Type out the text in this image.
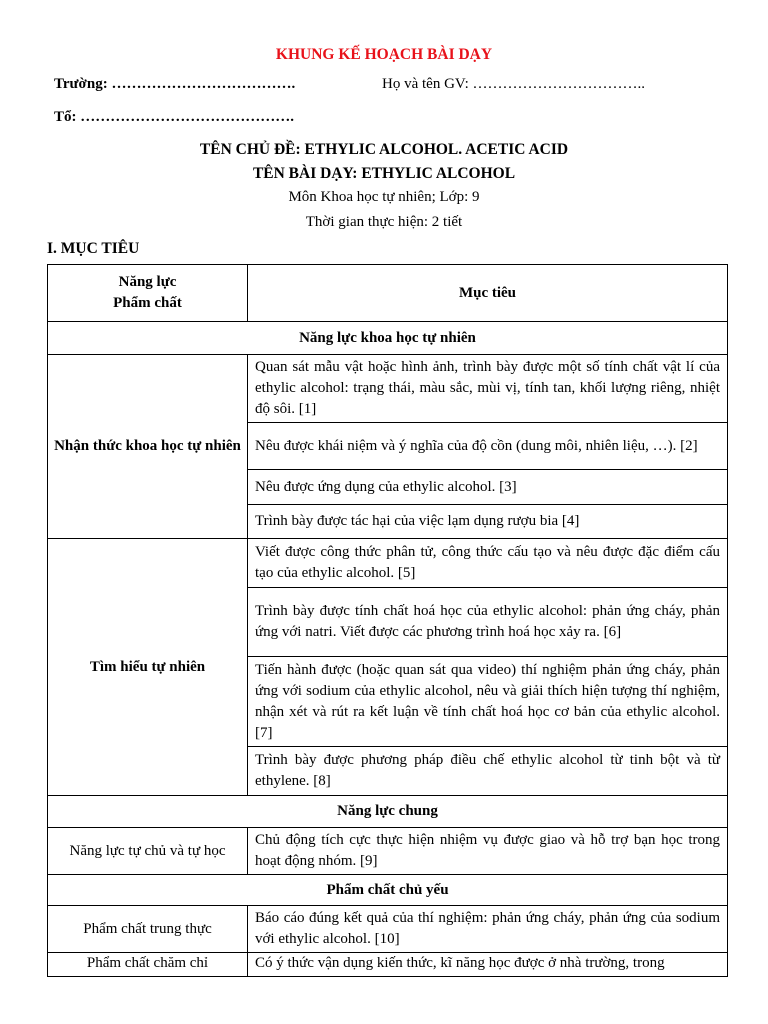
KHUNG KẾ HOẠCH BÀI DẠY
Trường: ……………………………….	Họ và tên GV: ……………………………..
Tổ: …………………………………….
TÊN CHỦ ĐỀ: ETHYLIC ALCOHOL. ACETIC ACID
TÊN BÀI DẠY: ETHYLIC ALCOHOL
Môn Khoa học tự nhiên; Lớp: 9
Thời gian thực hiện: 2 tiết
I. MỤC TIÊU
Năng lực
Phẩm chất	Mục tiêu
Năng lực khoa học tự nhiên	
Nhận thức khoa học tự nhiên	Quan sát mẫu vật hoặc hình ảnh, trình bày được một số tính chất vật lí của ethylic alcohol: trạng thái, màu sắc, mùi vị, tính tan, khối lượng riêng, nhiệt độ sôi. [1]
	Nêu được khái niệm và ý nghĩa của độ cồn (dung môi, nhiên liệu, …). [2]
	Nêu được ứng dụng của ethylic alcohol. [3]
	Trình bày được tác hại của việc lạm dụng rượu bia [4]
Tìm hiểu tự nhiên	Viết được công thức phân tử, công thức cấu tạo và nêu được đặc điểm cấu tạo của ethylic alcohol. [5]
	Trình bày được tính chất hoá học của ethylic alcohol: phản ứng cháy, phản ứng với natri. Viết được các phương trình hoá học xảy ra. [6]
	Tiến hành được (hoặc quan sát qua video) thí nghiệm phản ứng cháy, phản ứng với sodium của ethylic alcohol, nêu và giải thích hiện tượng thí nghiệm, nhận xét và rút ra kết luận về tính chất hoá học cơ bản của ethylic alcohol. [7]
	Trình bày được phương pháp điều chế ethylic alcohol từ tinh bột và từ ethylene. [8]
Năng lực chung	
Năng lực tự chủ và tự học	Chủ động tích cực thực hiện nhiệm vụ được giao và hỗ trợ bạn học trong hoạt động nhóm. [9]
Phẩm chất chủ yếu	
Phẩm chất trung thực	Báo cáo đúng kết quả của thí nghiệm: phản ứng cháy, phản ứng của sodium với ethylic alcohol. [10]
Phẩm chất chăm chỉ	Có ý thức vận dụng kiến thức, kĩ năng học được ở nhà trường, trong
